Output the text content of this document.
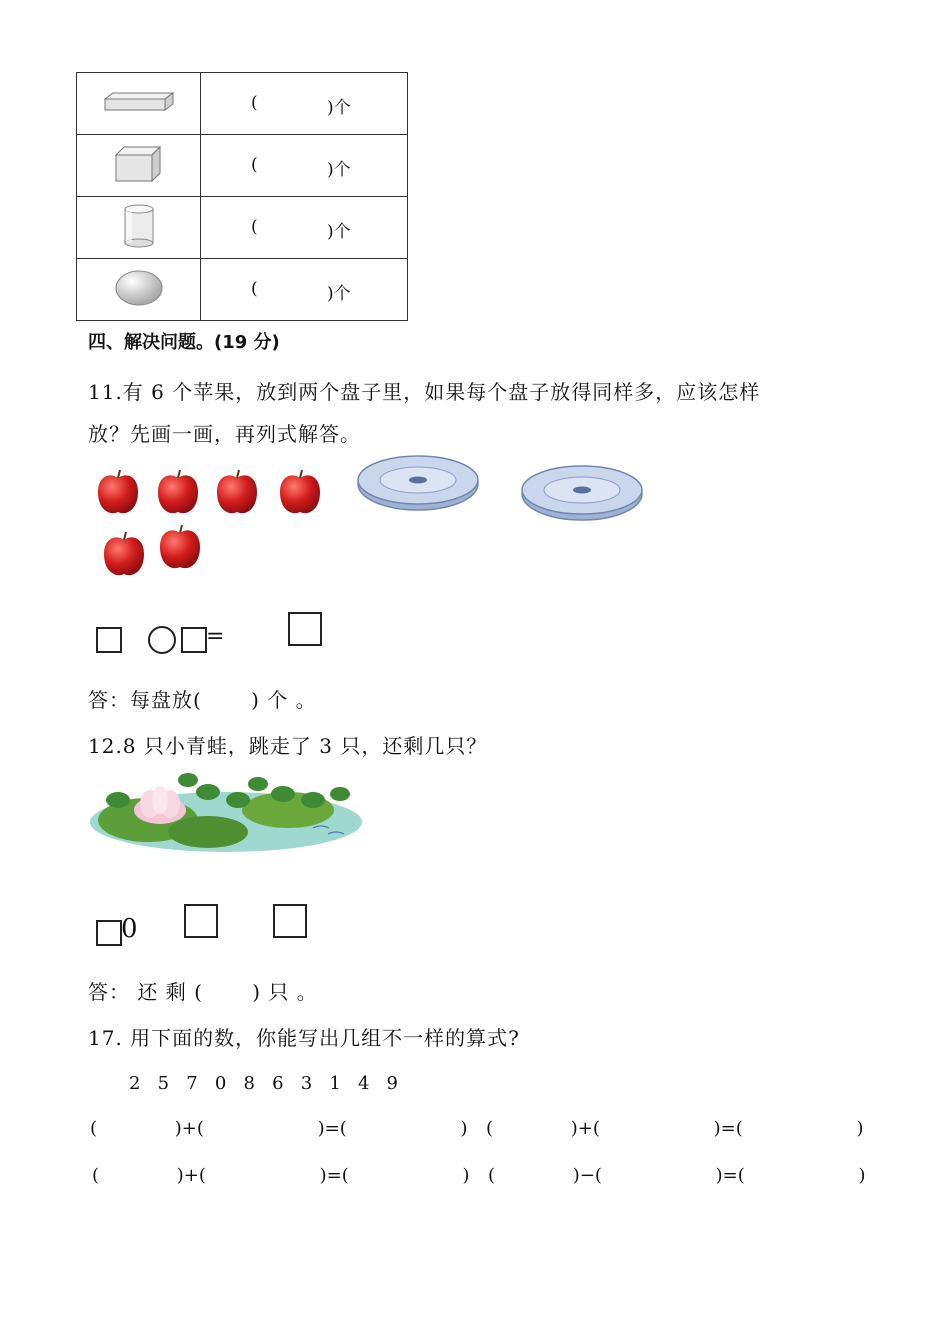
( )个

( )个

( )个

( )个
四、解决问题。(19 分)
11.有 6 个苹果，放到两个盘子里，如果每个盘子放得同样多，应该怎样
放？先画一画，再列式解答。
=
答：每盘放(　　 ) 个 。
12.8 只小青蛙，跳走了 3 只，还剩几只？
0
答： 还 剩 (　　 ) 只 。
17. 用下面的数，你能写出几组不一样的算式?
2   5   7   0   8   6   3   1   4   9
(　　　　 )+(　　　　　　 )=(　　　　　　 ) (　　　　 )+(　　　　　　 )=(　　　　　　 )
(　　　　 )+(　　　　　　 )=(　　　　　　 ) (　　　　 )−(　　　　　　 )=(　　　　　　 )
